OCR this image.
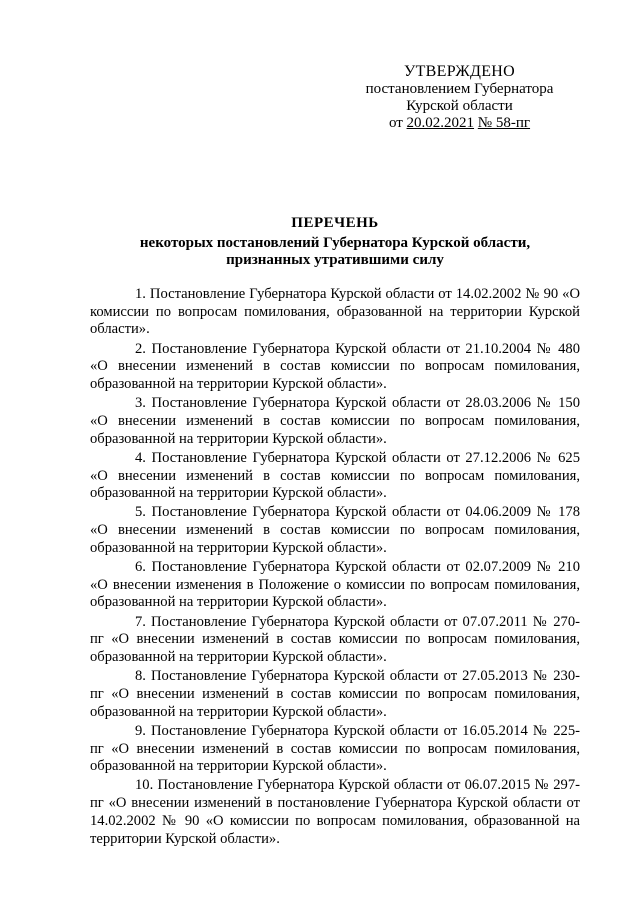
УТВЕРЖДЕНО
постановлением Губернатора
Курской области
от 20.02.2021 № 58-пг
ПЕРЕЧЕНЬ
некоторых постановлений Губернатора Курской области,
признанных утратившими силу

1. Постановление Губернатора Курской области от 14.02.2002 № 90 «О комиссии по вопросам помилования, образованной на территории Курской области».

2. Постановление Губернатора Курской области от 21.10.2004 № 480 «О внесении изменений в состав комиссии по вопросам помилования, образованной на территории Курской области».

3. Постановление Губернатора Курской области от 28.03.2006 № 150 «О внесении изменений в состав комиссии по вопросам помилования, образованной на территории Курской области».

4. Постановление Губернатора Курской области от 27.12.2006 № 625 «О внесении изменений в состав комиссии по вопросам помилования, образованной на территории Курской области».

5. Постановление Губернатора Курской области от 04.06.2009 № 178 «О внесении изменений в состав комиссии по вопросам помилования, образованной на территории Курской области».

6. Постановление Губернатора Курской области от 02.07.2009 № 210 «О внесении изменения в Положение о комиссии по вопросам помилования, образованной на территории Курской области».

7. Постановление Губернатора Курской области от 07.07.2011 № 270-пг «О внесении изменений в состав комиссии по вопросам помилования, образованной на территории Курской области».

8. Постановление Губернатора Курской области от 27.05.2013 № 230-пг «О внесении изменений в состав комиссии по вопросам помилования, образованной на территории Курской области».

9. Постановление Губернатора Курской области от 16.05.2014 № 225-пг «О внесении изменений в состав комиссии по вопросам помилования, образованной на территории Курской области».

10. Постановление Губернатора Курской области от 06.07.2015 № 297-пг «О внесении изменений в постановление Губернатора Курской области от 14.02.2002 № 90 «О комиссии по вопросам помилования, образованной на территории Курской области».
